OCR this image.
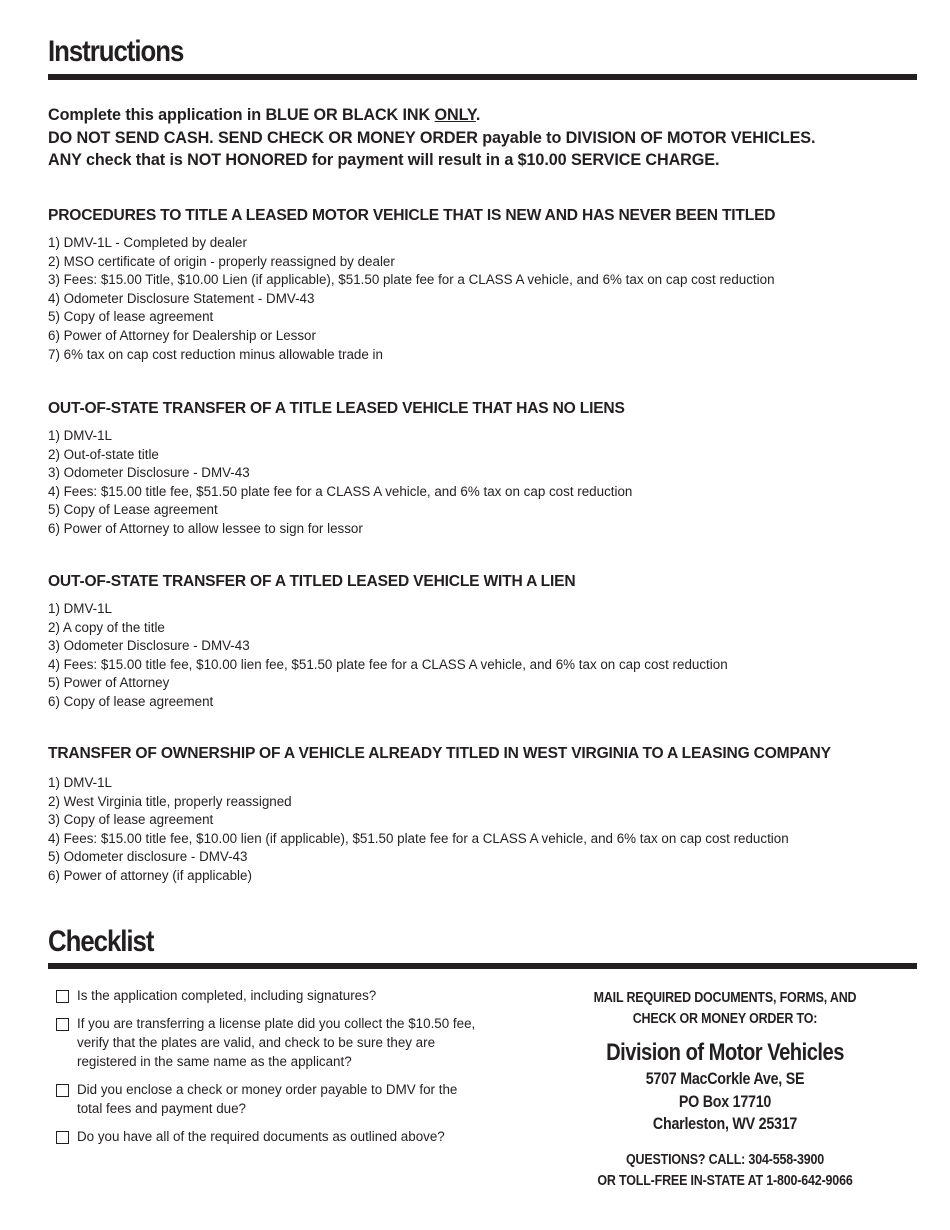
Instructions
Complete this application in BLUE OR BLACK INK ONLY.
DO NOT SEND CASH. SEND CHECK OR MONEY ORDER payable to DIVISION OF MOTOR VEHICLES.
ANY check that is NOT HONORED for payment will result in a $10.00 SERVICE CHARGE.
PROCEDURES TO TITLE A LEASED MOTOR VEHICLE THAT IS NEW AND HAS NEVER BEEN TITLED
1) DMV-1L - Completed by dealer
2) MSO certificate of origin - properly reassigned by dealer
3) Fees: $15.00 Title, $10.00 Lien (if applicable), $51.50 plate fee for a CLASS A vehicle, and 6% tax on cap cost reduction
4) Odometer Disclosure Statement - DMV-43
5) Copy of lease agreement
6) Power of Attorney for Dealership or Lessor
7) 6% tax on cap cost reduction minus allowable trade in
OUT-OF-STATE TRANSFER OF A TITLE LEASED VEHICLE THAT HAS NO LIENS
1) DMV-1L
2) Out-of-state title
3) Odometer Disclosure - DMV-43
4) Fees: $15.00 title fee, $51.50 plate fee for a CLASS A vehicle, and 6% tax on cap cost reduction
5) Copy of Lease agreement
6) Power of Attorney to allow lessee to sign for lessor
OUT-OF-STATE TRANSFER OF A TITLED LEASED VEHICLE WITH A LIEN
1) DMV-1L
2) A copy of the title
3) Odometer Disclosure - DMV-43
4) Fees: $15.00 title fee, $10.00 lien fee, $51.50 plate fee for a CLASS A vehicle, and 6% tax on cap cost reduction
5) Power of Attorney
6) Copy of lease agreement
TRANSFER OF OWNERSHIP OF A VEHICLE ALREADY TITLED IN WEST VIRGINIA TO A LEASING COMPANY
1) DMV-1L
2) West Virginia title, properly reassigned
3) Copy of lease agreement
4) Fees: $15.00 title fee, $10.00 lien (if applicable), $51.50 plate fee for a CLASS A vehicle, and 6% tax on cap cost reduction
5) Odometer disclosure - DMV-43
6) Power of attorney (if applicable)
Checklist
Is the application completed, including signatures?
If you are transferring a license plate did you collect the $10.50 fee, verify that the plates are valid, and check to be sure they are registered in the same name as the applicant?
Did you enclose a check or money order payable to DMV for the total fees and payment due?
Do you have all of the required documents as outlined above?
MAIL REQUIRED DOCUMENTS, FORMS, AND
CHECK OR MONEY ORDER TO:
Division of Motor Vehicles
5707 MacCorkle Ave, SE
PO Box 17710
Charleston, WV 25317
QUESTIONS? CALL: 304-558-3900
OR TOLL-FREE IN-STATE AT 1-800-642-9066
